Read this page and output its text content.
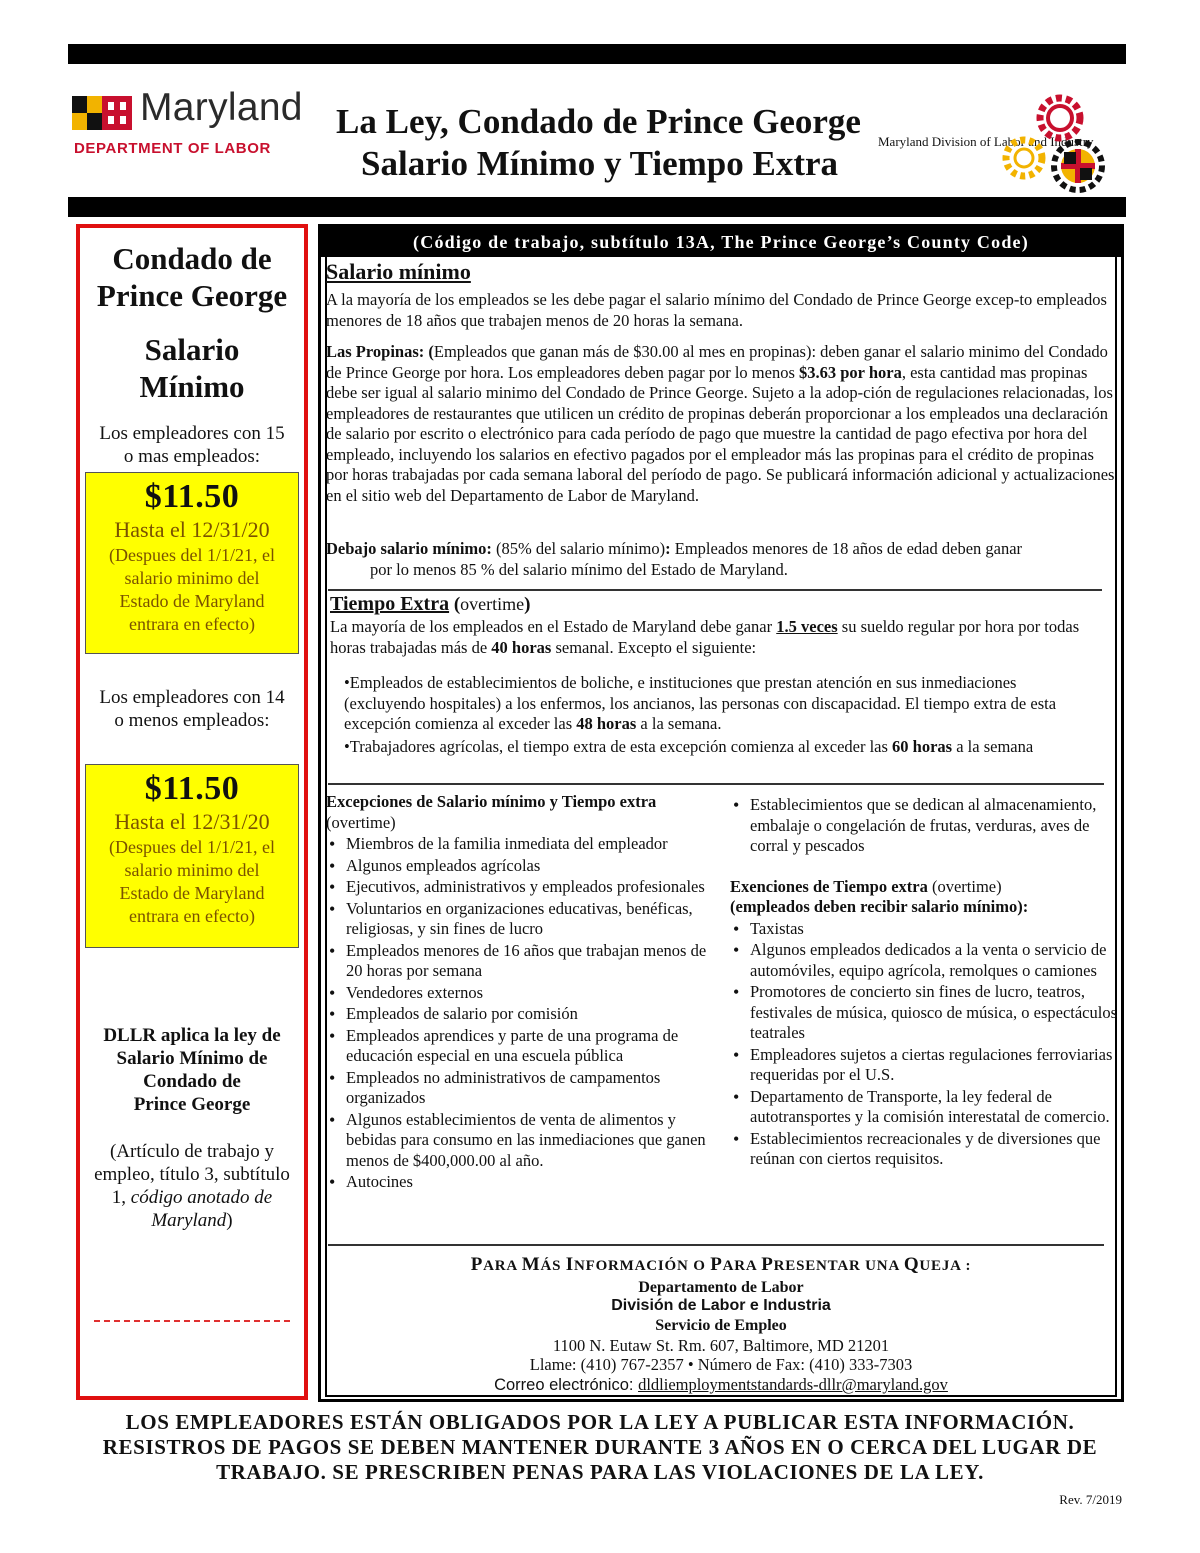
Maryland
DEPARTMENT OF LABOR
La Ley, Condado de Prince George
Salario Mínimo y Tiempo Extra
Maryland Division of Labor and Industry
Condado de
Prince George
Salario
Mínimo
Los empleadores con 15
o mas empleados:
$11.50
Hasta el 12/31/20
(Despues del 1/1/21, el
salario minimo del
Estado de Maryland
entrara en efecto)
Los empleadores con 14
o menos empleados:
$11.50
Hasta el 12/31/20
(Despues del 1/1/21, el
salario minimo del
Estado de Maryland
entrara en efecto)
DLLR aplica la ley de
Salario Mínimo de
Condado de
Prince George
(Artículo de trabajo y
empleo, título 3, subtítulo
1, código anotado de
Maryland)
(Código de trabajo, subtítulo 13A, The Prince George’s County Code)
Salario mínimo
A la mayoría de los empleados se les debe pagar el salario mínimo del Condado de Prince George excep-to empleados menores de 18 años que trabajen menos de 20 horas la semana.
Las Propinas: (Empleados que ganan más de $30.00 al mes en propinas): deben ganar el salario minimo del Condado de Prince George por hora. Los empleadores deben pagar por lo menos $3.63 por hora, esta cantidad mas propinas debe ser igual al salario minimo del Condado de Prince George. Sujeto a la adop-ción de regulaciones relacionadas, los empleadores de restaurantes que utilicen un crédito de propinas deberán proporcionar a los empleados una declaración de salario por escrito o electrónico para cada período de pago que muestre la cantidad de pago efectiva por hora del empleado, incluyendo los salarios en efectivo pagados por el empleador más las propinas para el crédito de propinas por horas trabajadas por cada semana laboral del período de pago. Se publicará información adicional y actualizaciones en el sitio web del Departamento de Labor de Maryland.
Debajo salario mínimo: (85% del salario mínimo): Empleados menores de 18 años de edad deben ganar
por lo menos 85 % del salario mínimo del Estado de Maryland.
Tiempo Extra (overtime)
La mayoría de los empleados en el Estado de Maryland debe ganar 1.5 veces su sueldo regular por hora por todas horas trabajadas más de 40 horas semanal. Excepto el siguiente:
•Empleados de establecimientos de boliche, e instituciones que prestan atención en sus inmediaciones (excluyendo hospitales) a los enfermos, los ancianos, las personas con discapacidad. El tiempo extra de esta excepción comienza al exceder las 48 horas a la semana.
•Trabajadores agrícolas, el tiempo extra de esta excepción comienza al exceder las 60 horas a la semana
Excepciones de Salario mínimo y Tiempo extra
(overtime)
• Miembros de la familia inmediata del empleador
• Algunos empleados agrícolas
• Ejecutivos, administrativos y empleados profesionales
• Voluntarios en organizaciones educativas, benéficas, religiosas, y sin fines de lucro
• Empleados menores de 16 años que trabajan menos de 20 horas por semana
• Vendedores externos
• Empleados de salario por comisión
• Empleados aprendices y parte de una programa de educación especial en una escuela pública
• Empleados no administrativos de campamentos organizados
• Algunos establecimientos de venta de alimentos y bebidas para consumo en las inmediaciones que ganen menos de $400,000.00 al año.
• Autocines
• Establecimientos que se dedican al almacenamiento, embalaje o congelación de frutas, verduras, aves de corral y pescados
Exenciones de Tiempo extra (overtime)
(empleados deben recibir salario mínimo):
• Taxistas
• Algunos empleados dedicados a la venta o servicio de automóviles, equipo agrícola, remolques o camiones
• Promotores de concierto sin fines de lucro, teatros, festivales de música, quiosco de música, o espectáculos teatrales
• Empleadores sujetos a ciertas regulaciones ferroviarias requeridas por el U.S.
• Departamento de Transporte, la ley federal de autotransportes y la comisión interestatal de comercio.
• Establecimientos recreacionales y de diversiones que reúnan con ciertos requisitos.
PARA MÁS INFORMACIÓN O PARA PRESENTAR UNA QUEJA :
Departamento de Labor
División de Labor e Industria
Servicio de Empleo
1100 N. Eutaw St. Rm. 607, Baltimore, MD 21201
Llame: (410) 767-2357 • Número de Fax: (410) 333-7303
Correo electrónico: dldliemploymentstandards-dllr@maryland.gov
LOS EMPLEADORES ESTÁN OBLIGADOS POR LA LEY A PUBLICAR ESTA INFORMACIÓN.
RESISTROS DE PAGOS SE DEBEN MANTENER DURANTE 3 AÑOS EN O CERCA DEL LUGAR DE
TRABAJO. SE PRESCRIBEN PENAS PARA LAS VIOLACIONES DE LA LEY.
Rev. 7/2019
